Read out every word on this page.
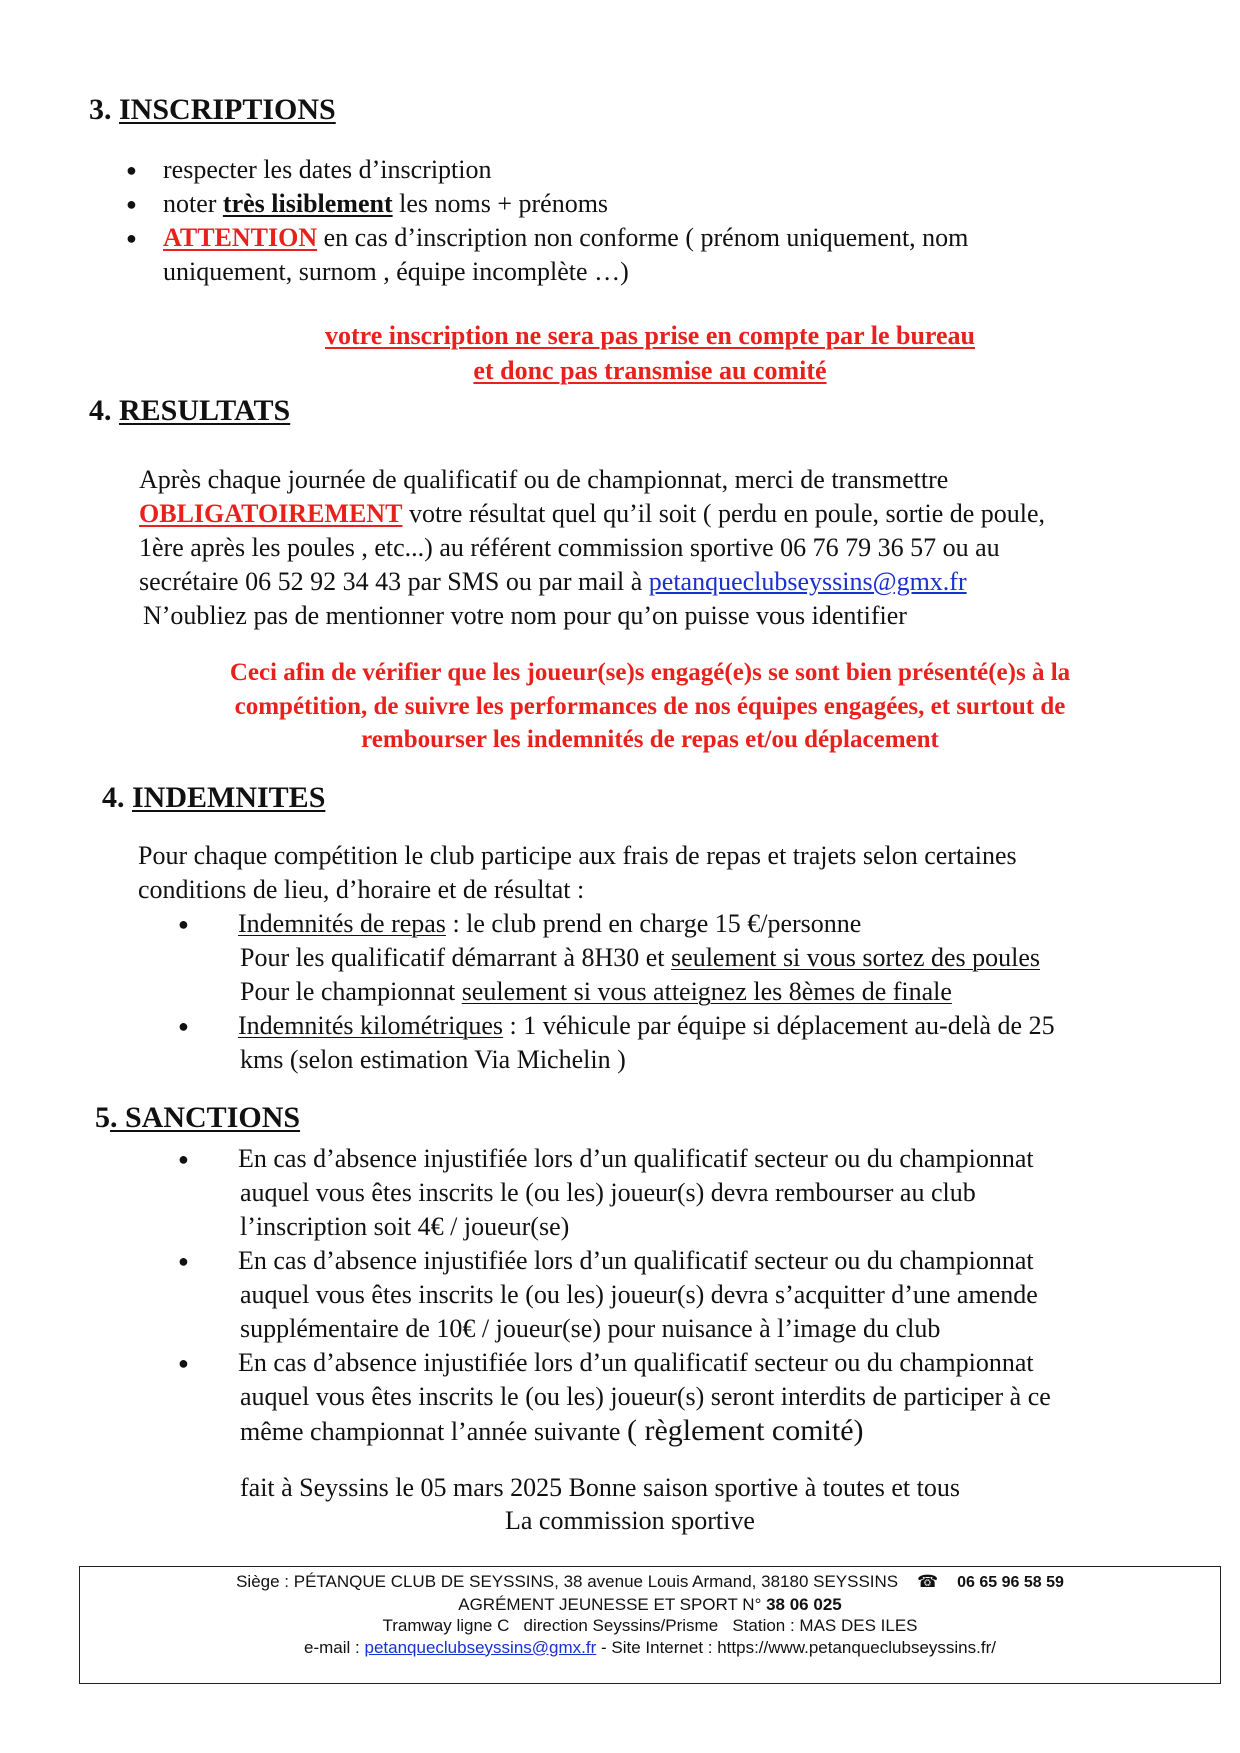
3. INSCRIPTIONS
● respecter les dates d’inscription
● noter très lisiblement les noms + prénoms
● ATTENTION en cas d’inscription non conforme ( prénom uniquement, nom
uniquement, surnom , équipe incomplète …)
votre inscription ne sera pas prise en compte par le bureau
et donc pas transmise au comité
4. RESULTATS
Après chaque journée de qualificatif ou de championnat, merci de transmettre
OBLIGATOIREMENT votre résultat quel qu’il soit ( perdu en poule, sortie de poule,
1ère après les poules , etc...) au référent commission sportive 06 76 79 36 57 ou au
secrétaire 06 52 92 34 43 par SMS ou par mail à petanqueclubseyssins@gmx.fr
N’oubliez pas de mentionner votre nom pour qu’on puisse vous identifier
Ceci afin de vérifier que les joueur(se)s engagé(e)s se sont bien présenté(e)s à la
compétition, de suivre les performances de nos équipes engagées, et surtout de
rembourser les indemnités de repas et/ou déplacement
4. INDEMNITES
Pour chaque compétition le club participe aux frais de repas et trajets selon certaines
conditions de lieu, d’horaire et de résultat :
● Indemnités de repas : le club prend en charge 15 €/personne
Pour les qualificatif démarrant à 8H30 et seulement si vous sortez des poules
Pour le championnat seulement si vous atteignez les 8èmes de finale
● Indemnités kilométriques : 1 véhicule par équipe si déplacement au-delà de 25
kms (selon estimation Via Michelin )
5. SANCTIONS
● En cas d’absence injustifiée lors d’un qualificatif secteur ou du championnat
auquel vous êtes inscrits le (ou les) joueur(s) devra rembourser au club
l’inscription soit 4€ / joueur(se)
● En cas d’absence injustifiée lors d’un qualificatif secteur ou du championnat
auquel vous êtes inscrits le (ou les) joueur(s) devra s’acquitter d’une amende
supplémentaire de 10€ / joueur(se) pour nuisance à l’image du club
● En cas d’absence injustifiée lors d’un qualificatif secteur ou du championnat
auquel vous êtes inscrits le (ou les) joueur(s) seront interdits de participer à ce
même championnat l’année suivante ( règlement comité)
fait à Seyssins le 05 mars 2025 Bonne saison sportive à toutes et tous
La commission sportive
Siège : PÉTANQUE CLUB DE SEYSSINS, 38 avenue Louis Armand, 38180 SEYSSINS ☎ 06 65 96 58 59
AGRÉMENT JEUNESSE ET SPORT N° 38 06 025
Tramway ligne C   direction Seyssins/Prisme   Station : MAS DES ILES
e-mail : petanqueclubseyssins@gmx.fr - Site Internet : https://www.petanqueclubseyssins.fr/
